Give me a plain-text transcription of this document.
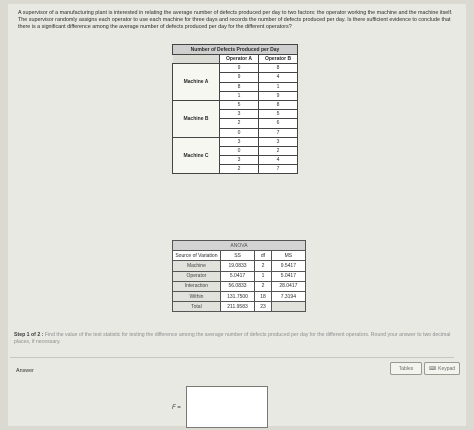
A supervisor of a manufacturing plant is interested in relating the average number of defects produced per day to two factors: the operator working the machine and the machine itself. The supervisor randomly assigns each operator to use each machine for three days and records the number of defects produced per day. Is there sufficient evidence to conclude that there is a significant difference among the average number of defects produced per day for the different operators?
Number of Defects Produced per Day		
	Operator A	Operator B
Machine A	9	8
	9	4
	8	1
	1	9
Machine B	5	8
	3	5
	2	6
	0	7
Machine C	3	3
	0	2
	3	4
	2	7
ANOVA			
Source of Variation	SS	df	MS
Machine	19.0833	2	9.5417
Operator	5.0417	1	5.0417
Interaction	56.0833	2	28.0417
Within	131.7500	18	7.3194
Total	211.9583	23	
Step 1 of 2 : Find the value of the test statistic for testing the difference among the average number of defects produced per day for the different operators. Round your answer to two decimal places, if necessary.
Answer	Tables	⌨ Keypad
F =
